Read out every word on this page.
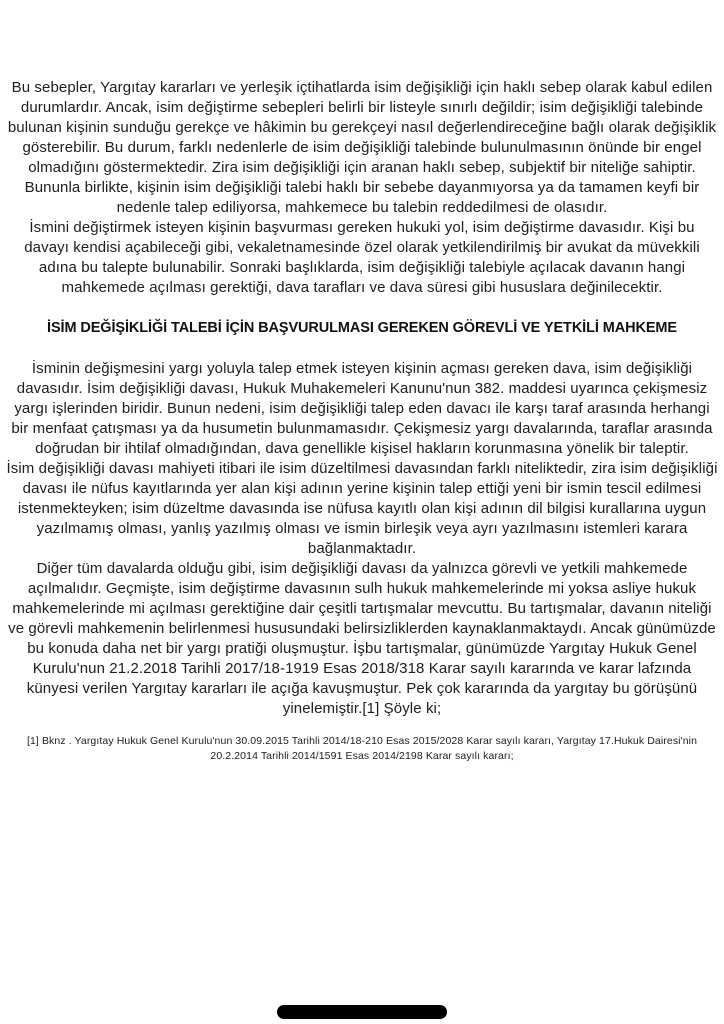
Bu sebepler, Yargıtay kararları ve yerleşik içtihatlarda isim değişikliği için haklı sebep olarak kabul edilen durumlardır. Ancak, isim değiştirme sebepleri belirli bir listeyle sınırlı değildir; isim değişikliği talebinde bulunan kişinin sunduğu gerekçe ve hâkimin bu gerekçeyi nasıl değerlendireceğine bağlı olarak değişiklik gösterebilir. Bu durum, farklı nedenlerle de isim değişikliği talebinde bulunulmasının önünde bir engel olmadığını göstermektedir. Zira isim değişikliği için aranan haklı sebep, subjektif bir niteliğe sahiptir. Bununla birlikte, kişinin isim değişikliği talebi haklı bir sebebe dayanmıyorsa ya da tamamen keyfi bir nedenle talep ediliyorsa, mahkemece bu talebin reddedilmesi de olasıdır.

İsmini değiştirmek isteyen kişinin başvurması gereken hukuki yol, isim değiştirme davasıdır. Kişi bu davayı kendisi açabileceği gibi, vekaletnamesinde özel olarak yetkilendirilmiş bir avukat da müvekkili adına bu talepte bulunabilir. Sonraki başlıklarda, isim değişikliği talebiyle açılacak davanın hangi mahkemede açılması gerektiği, dava tarafları ve dava süresi gibi hususlara değinilecektir.

İSİM DEĞİŞİKLİĞİ TALEBİ İÇİN BAŞVURULMASI GEREKEN GÖREVLİ VE YETKİLİ MAHKEME

İsminin değişmesini yargı yoluyla talep etmek isteyen kişinin açması gereken dava, isim değişikliği davasıdır. İsim değişikliği davası, Hukuk Muhakemeleri Kanunu'nun 382. maddesi uyarınca çekişmesiz yargı işlerinden biridir. Bunun nedeni, isim değişikliği talep eden davacı ile karşı taraf arasında herhangi bir menfaat çatışması ya da husumetin bulunmamasıdır. Çekişmesiz yargı davalarında, taraflar arasında doğrudan bir ihtilaf olmadığından, dava genellikle kişisel hakların korunmasına yönelik bir taleptir.

İsim değişikliği davası mahiyeti itibari ile isim düzeltilmesi davasından farklı niteliktedir, zira isim değişikliği davası ile nüfus kayıtlarında yer alan kişi adının yerine kişinin talep ettiği yeni bir ismin tescil edilmesi istenmekteyken; isim düzeltme davasında ise nüfusa kayıtlı olan kişi adının dil bilgisi kurallarına uygun yazılmamış olması, yanlış yazılmış olması ve ismin birleşik veya ayrı yazılmasını istemleri karara bağlanmaktadır.

Diğer tüm davalarda olduğu gibi, isim değişikliği davası da yalnızca görevli ve yetkili mahkemede açılmalıdır. Geçmişte, isim değiştirme davasının sulh hukuk mahkemelerinde mi yoksa asliye hukuk mahkemelerinde mi açılması gerektiğine dair çeşitli tartışmalar mevcuttu. Bu tartışmalar, davanın niteliği ve görevli mahkemenin belirlenmesi hususundaki belirsizliklerden kaynaklanmaktaydı. Ancak günümüzde bu konuda daha net bir yargı pratiği oluşmuştur. İşbu tartışmalar, günümüzde Yargıtay Hukuk Genel Kurulu'nun 21.2.2018 Tarihli 2017/18-1919 Esas 2018/318 Karar sayılı kararında ve karar lafzında künyesi verilen Yargıtay kararları ile açığa kavuşmuştur. Pek çok kararında da yargıtay bu görüşünü yinelemiştir.[1] Şöyle ki;

[1] Bknz . Yargıtay Hukuk Genel Kurulu'nun 30.09.2015 Tarihli 2014/18-210 Esas 2015/2028 Karar sayılı kararı, Yargıtay 17.Hukuk Dairesi'nin 20.2.2014 Tarihli 2014/1591 Esas 2014/2198 Karar sayılı kararı;
